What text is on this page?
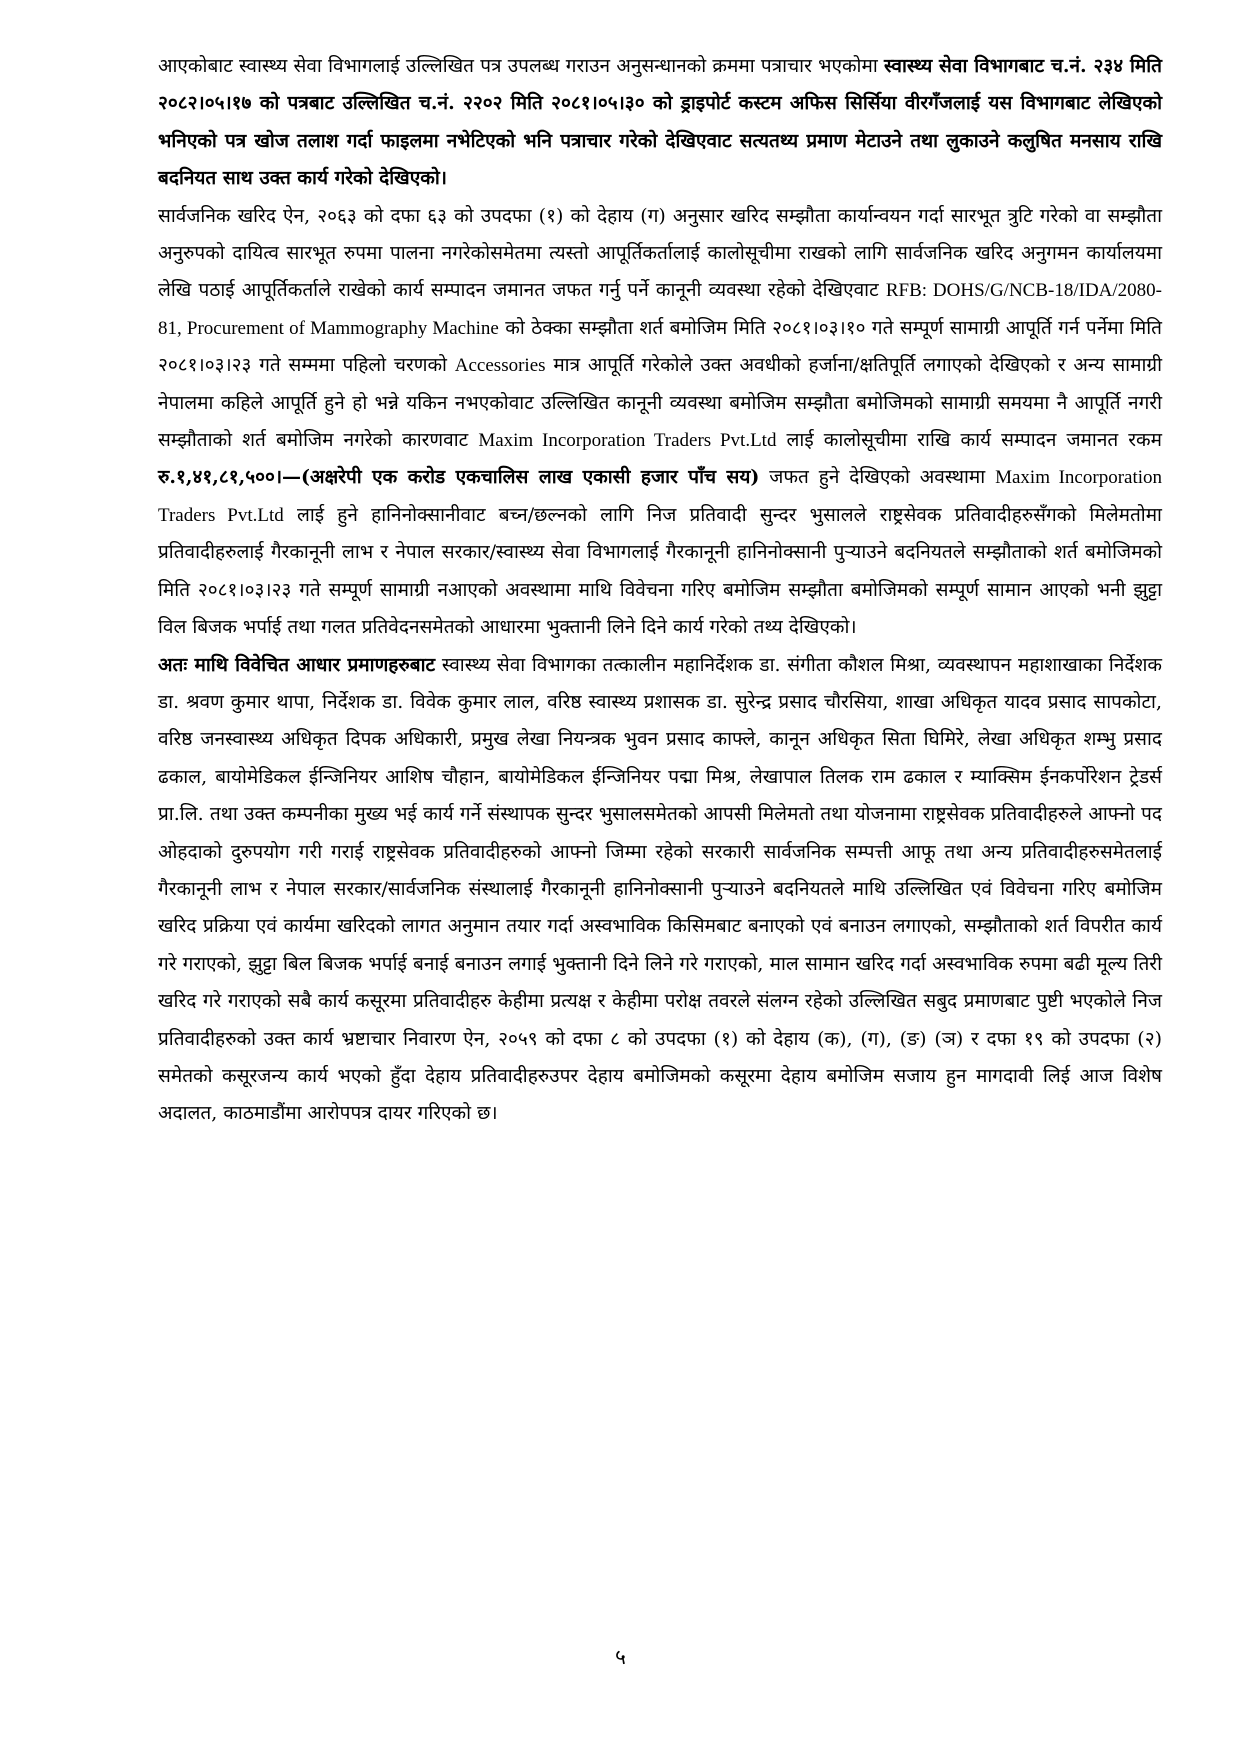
आएकोबाट स्वास्थ्य सेवा विभागलाई उल्लिखित पत्र उपलब्ध गराउन अनुसन्धानको क्रममा पत्राचार भएकोमा स्वास्थ्य सेवा विभागबाट च.नं. २३४ मिति २०८२।०५।१७ को पत्रबाट उल्लिखित च.नं. २२०२ मिति २०८१।०५।३० को ड्राइपोर्ट कस्टम अफिस सिर्सिया वीरगँजलाई यस विभागबाट लेखिएको भनिएको पत्र खोज तलाश गर्दा फाइलमा नभेटिएको भनि पत्राचार गरेको देखिएवाट सत्यतथ्य प्रमाण मेटाउने तथा लुकाउने कलुषित मनसाय राखि बदनियत साथ उक्त कार्य गरेको देखिएको।

सार्वजनिक खरिद ऐन, २०६३ को दफा ६३ को उपदफा (१) को देहाय (ग) अनुसार खरिद सम्झौता कार्यान्वयन गर्दा सारभूत त्रुटि गरेको वा सम्झौता अनुरुपको दायित्व सारभूत रुपमा पालना नगरेकोसमेतमा त्यस्तो आपूर्तिकर्तालाई कालोसूचीमा राखको लागि सार्वजनिक खरिद अनुगमन कार्यालयमा लेखि पठाई आपूर्तिकर्ताले राखेको कार्य सम्पादन जमानत जफत गर्नु पर्ने कानूनी व्यवस्था रहेको देखिएवाट RFB: DOHS/G/NCB-18/IDA/2080-81, Procurement of Mammography Machine को ठेक्का सम्झौता शर्त बमोजिम मिति २०८१।०३।१० गते सम्पूर्ण सामाग्री आपूर्ति गर्न पर्नेमा मिति २०८१।०३।२३ गते सम्ममा पहिलो चरणको Accessories मात्र आपूर्ति गरेकोले उक्त अवधीको हर्जाना/क्षतिपूर्ति लगाएको देखिएको र अन्य सामाग्री नेपालमा कहिले आपूर्ति हुने हो भन्ने यकिन नभएकोवाट उल्लिखित कानूनी व्यवस्था बमोजिम सम्झौता बमोजिमको सामाग्री समयमा नै आपूर्ति नगरी सम्झौताको शर्त बमोजिम नगरेको कारणवाट Maxim Incorporation Traders Pvt.Ltd लाई कालोसूचीमा राखि कार्य सम्पादन जमानत रकम रु.१,४१,८१,५००।—(अक्षरेपी एक करोड एकचालिस लाख एकासी हजार पाँच सय) जफत हुने देखिएको अवस्थामा Maxim Incorporation Traders Pvt.Ltd लाई हुने हानिनोक्सानीवाट बच्न/छल्नको लागि निज प्रतिवादी सुन्दर भुसालले राष्ट्रसेवक प्रतिवादीहरुसँगको मिलेमतोमा प्रतिवादीहरुलाई गैरकानूनी लाभ र नेपाल सरकार/स्वास्थ्य सेवा विभागलाई गैरकानूनी हानिनोक्सानी पुऱ्याउने बदनियतले सम्झौताको शर्त बमोजिमको मिति २०८१।०३।२३ गते सम्पूर्ण सामाग्री नआएको अवस्थामा माथि विवेचना गरिए बमोजिम सम्झौता बमोजिमको सम्पूर्ण सामान आएको भनी झुट्टा विल बिजक भर्पाई तथा गलत प्रतिवेदनसमेतको आधारमा भुक्तानी लिने दिने कार्य गरेको तथ्य देखिएको।

अतः माथि विवेचित आधार प्रमाणहरुबाट स्वास्थ्य सेवा विभागका तत्कालीन महानिर्देशक डा. संगीता कौशल मिश्रा, व्यवस्थापन महाशाखाका निर्देशक डा. श्रवण कुमार थापा, निर्देशक डा. विवेक कुमार लाल, वरिष्ठ स्वास्थ्य प्रशासक डा. सुरेन्द्र प्रसाद चौरसिया, शाखा अधिकृत यादव प्रसाद सापकोटा, वरिष्ठ जनस्वास्थ्य अधिकृत दिपक अधिकारी, प्रमुख लेखा नियन्त्रक भुवन प्रसाद काफ्ले, कानून अधिकृत सिता घिमिरे, लेखा अधिकृत शम्भु प्रसाद ढकाल, बायोमेडिकल ईन्जिनियर आशिष चौहान, बायोमेडिकल ईन्जिनियर पद्मा मिश्र, लेखापाल तिलक राम ढकाल र म्याक्सिम ईनकर्पोरेशन ट्रेडर्स प्रा.लि. तथा उक्त कम्पनीका मुख्य भई कार्य गर्ने संस्थापक सुन्दर भुसालसमेतको आपसी मिलेमतो तथा योजनामा राष्ट्रसेवक प्रतिवादीहरुले आफ्नो पद ओहदाको दुरुपयोग गरी गराई राष्ट्रसेवक प्रतिवादीहरुको आफ्नो जिम्मा रहेको सरकारी सार्वजनिक सम्पत्ती आफू तथा अन्य प्रतिवादीहरुसमेतलाई गैरकानूनी लाभ र नेपाल सरकार/सार्वजनिक संस्थालाई गैरकानूनी हानिनोक्सानी पुऱ्याउने बदनियतले माथि उल्लिखित एवं विवेचना गरिए बमोजिम खरिद प्रक्रिया एवं कार्यमा खरिदको लागत अनुमान तयार गर्दा अस्वभाविक किसिमबाट बनाएको एवं बनाउन लगाएको, सम्झौताको शर्त विपरीत कार्य गरे गराएको, झुट्टा बिल बिजक भर्पाई बनाई बनाउन लगाई भुक्तानी दिने लिने गरे गराएको, माल सामान खरिद गर्दा अस्वभाविक रुपमा बढी मूल्य तिरी खरिद गरे गराएको सबै कार्य कसूरमा प्रतिवादीहरु केहीमा प्रत्यक्ष र केहीमा परोक्ष तवरले संलग्न रहेको उल्लिखित सबुद प्रमाणबाट पुष्टी भएकोले निज प्रतिवादीहरुको उक्त कार्य भ्रष्टाचार निवारण ऐन, २०५९ को दफा ८ को उपदफा (१) को देहाय (क), (ग), (ङ) (ञ) र दफा १९ को उपदफा (२) समेतको कसूरजन्य कार्य भएको हुँदा देहाय प्रतिवादीहरुउपर देहाय बमोजिमको कसूरमा देहाय बमोजिम सजाय हुन मागदावी लिई आज विशेष अदालत, काठमाडौंमा आरोपपत्र दायर गरिएको छ।

५
